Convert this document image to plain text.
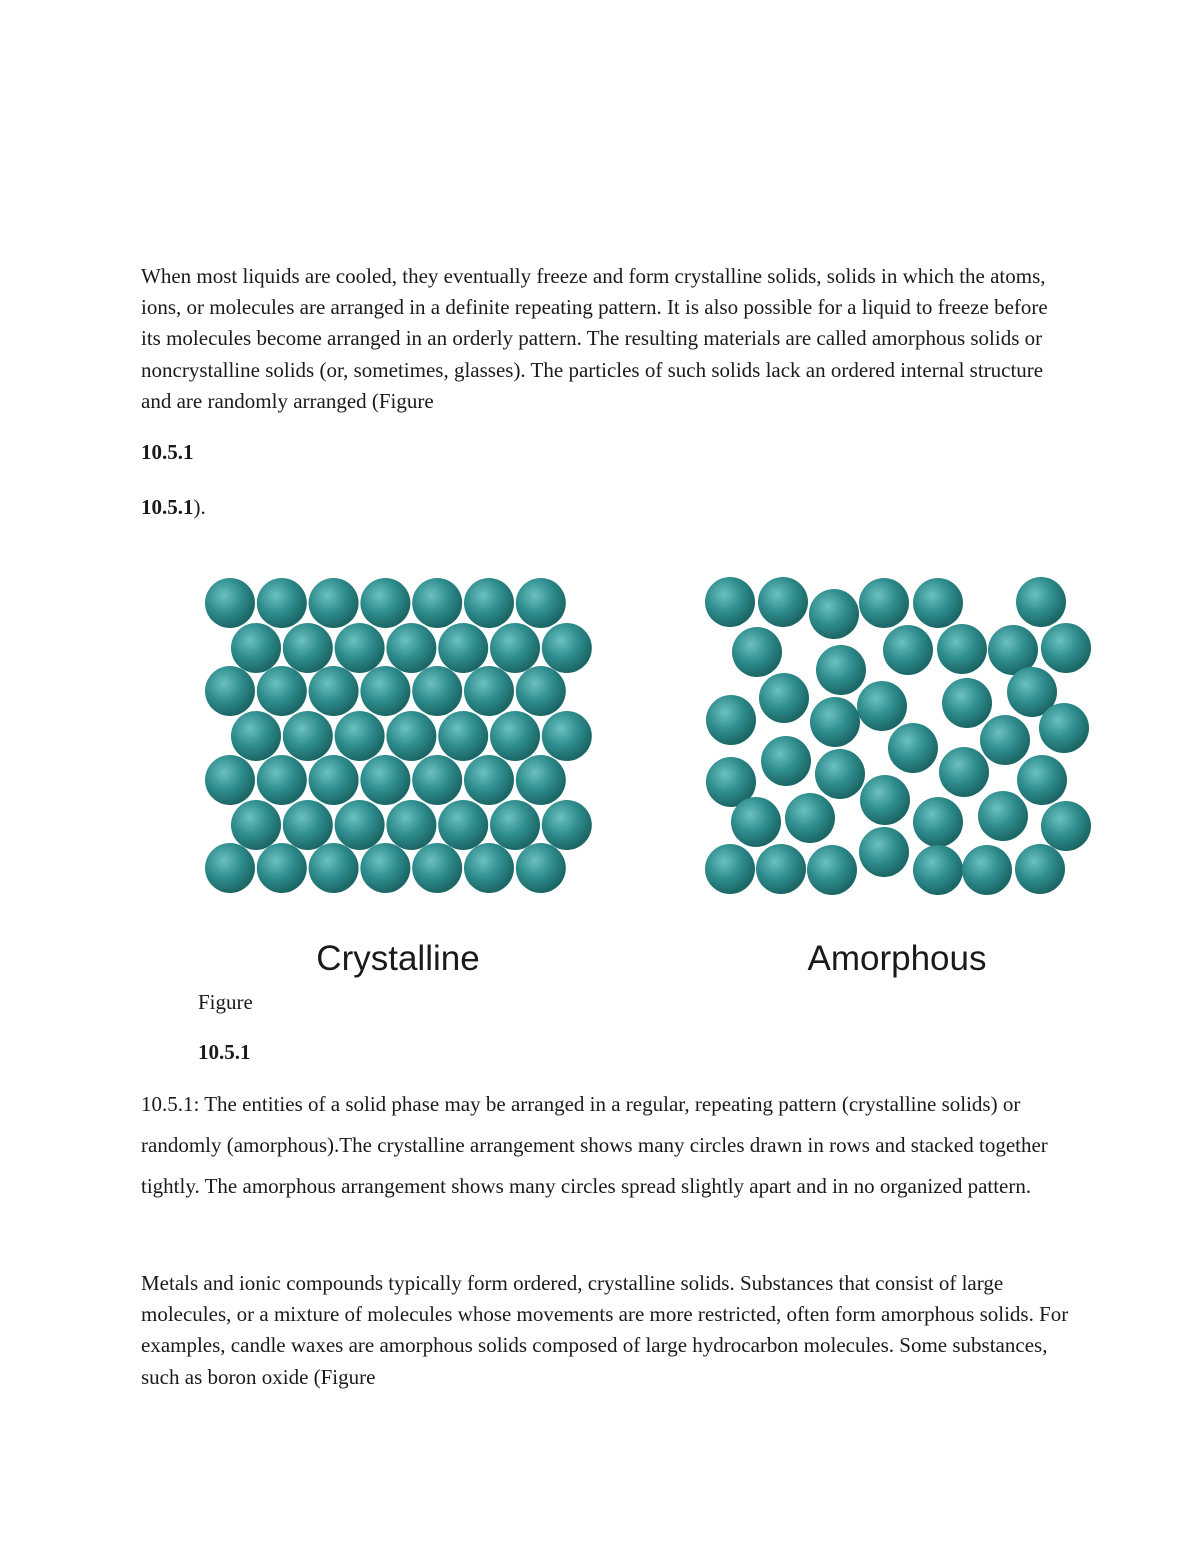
When most liquids are cooled, they eventually freeze and form crystalline solids, solids in which the atoms, ions, or molecules are arranged in a definite repeating pattern. It is also possible for a liquid to freeze before its molecules become arranged in an orderly pattern. The resulting materials are called amorphous solids or noncrystalline solids (or, sometimes, glasses). The particles of such solids lack an ordered internal structure and are randomly arranged (Figure

10.5.1

10.5.1).

Crystalline	Amorphous

Figure

10.5.1

10.5.1: The entities of a solid phase may be arranged in a regular, repeating pattern (crystalline solids) or randomly (amorphous).The crystalline arrangement shows many circles drawn in rows and stacked together tightly. The amorphous arrangement shows many circles spread slightly apart and in no organized pattern.

Metals and ionic compounds typically form ordered, crystalline solids. Substances that consist of large molecules, or a mixture of molecules whose movements are more restricted, often form amorphous solids. For examples, candle waxes are amorphous solids composed of large hydrocarbon molecules. Some substances, such as boron oxide (Figure
